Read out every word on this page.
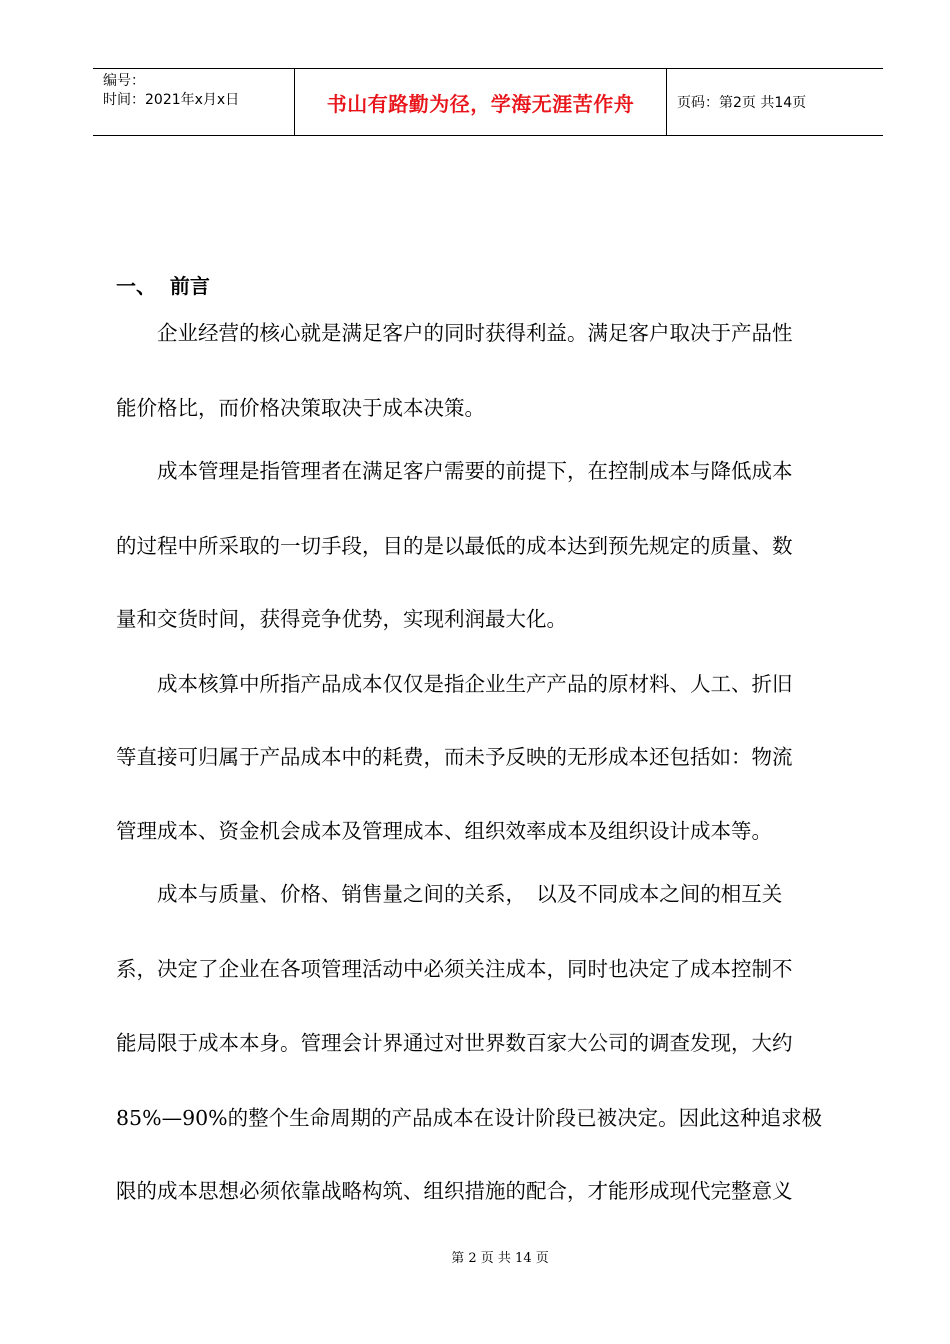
编号：
时间：2021年x月x日	书山有路勤为径，学海无涯苦作舟	页码：第2页 共14页
一、  前言
　　企业经营的核心就是满足客户的同时获得利益。满足客户取决于产品性
能价格比，而价格决策取决于成本决策。
　　成本管理是指管理者在满足客户需要的前提下，在控制成本与降低成本
的过程中所采取的一切手段，目的是以最低的成本达到预先规定的质量、数
量和交货时间，获得竞争优势，实现利润最大化。
　　成本核算中所指产品成本仅仅是指企业生产产品的原材料、人工、折旧
等直接可归属于产品成本中的耗费，而未予反映的无形成本还包括如：物流
管理成本、资金机会成本及管理成本、组织效率成本及组织设计成本等。
　　成本与质量、价格、销售量之间的关系，　以及不同成本之间的相互关
系，决定了企业在各项管理活动中必须关注成本，同时也决定了成本控制不
能局限于成本本身。管理会计界通过对世界数百家大公司的调查发现，大约
85%—90%的整个生命周期的产品成本在设计阶段已被决定。因此这种追求极
限的成本思想必须依靠战略构筑、组织措施的配合，才能形成现代完整意义
第 2 页 共 14 页
